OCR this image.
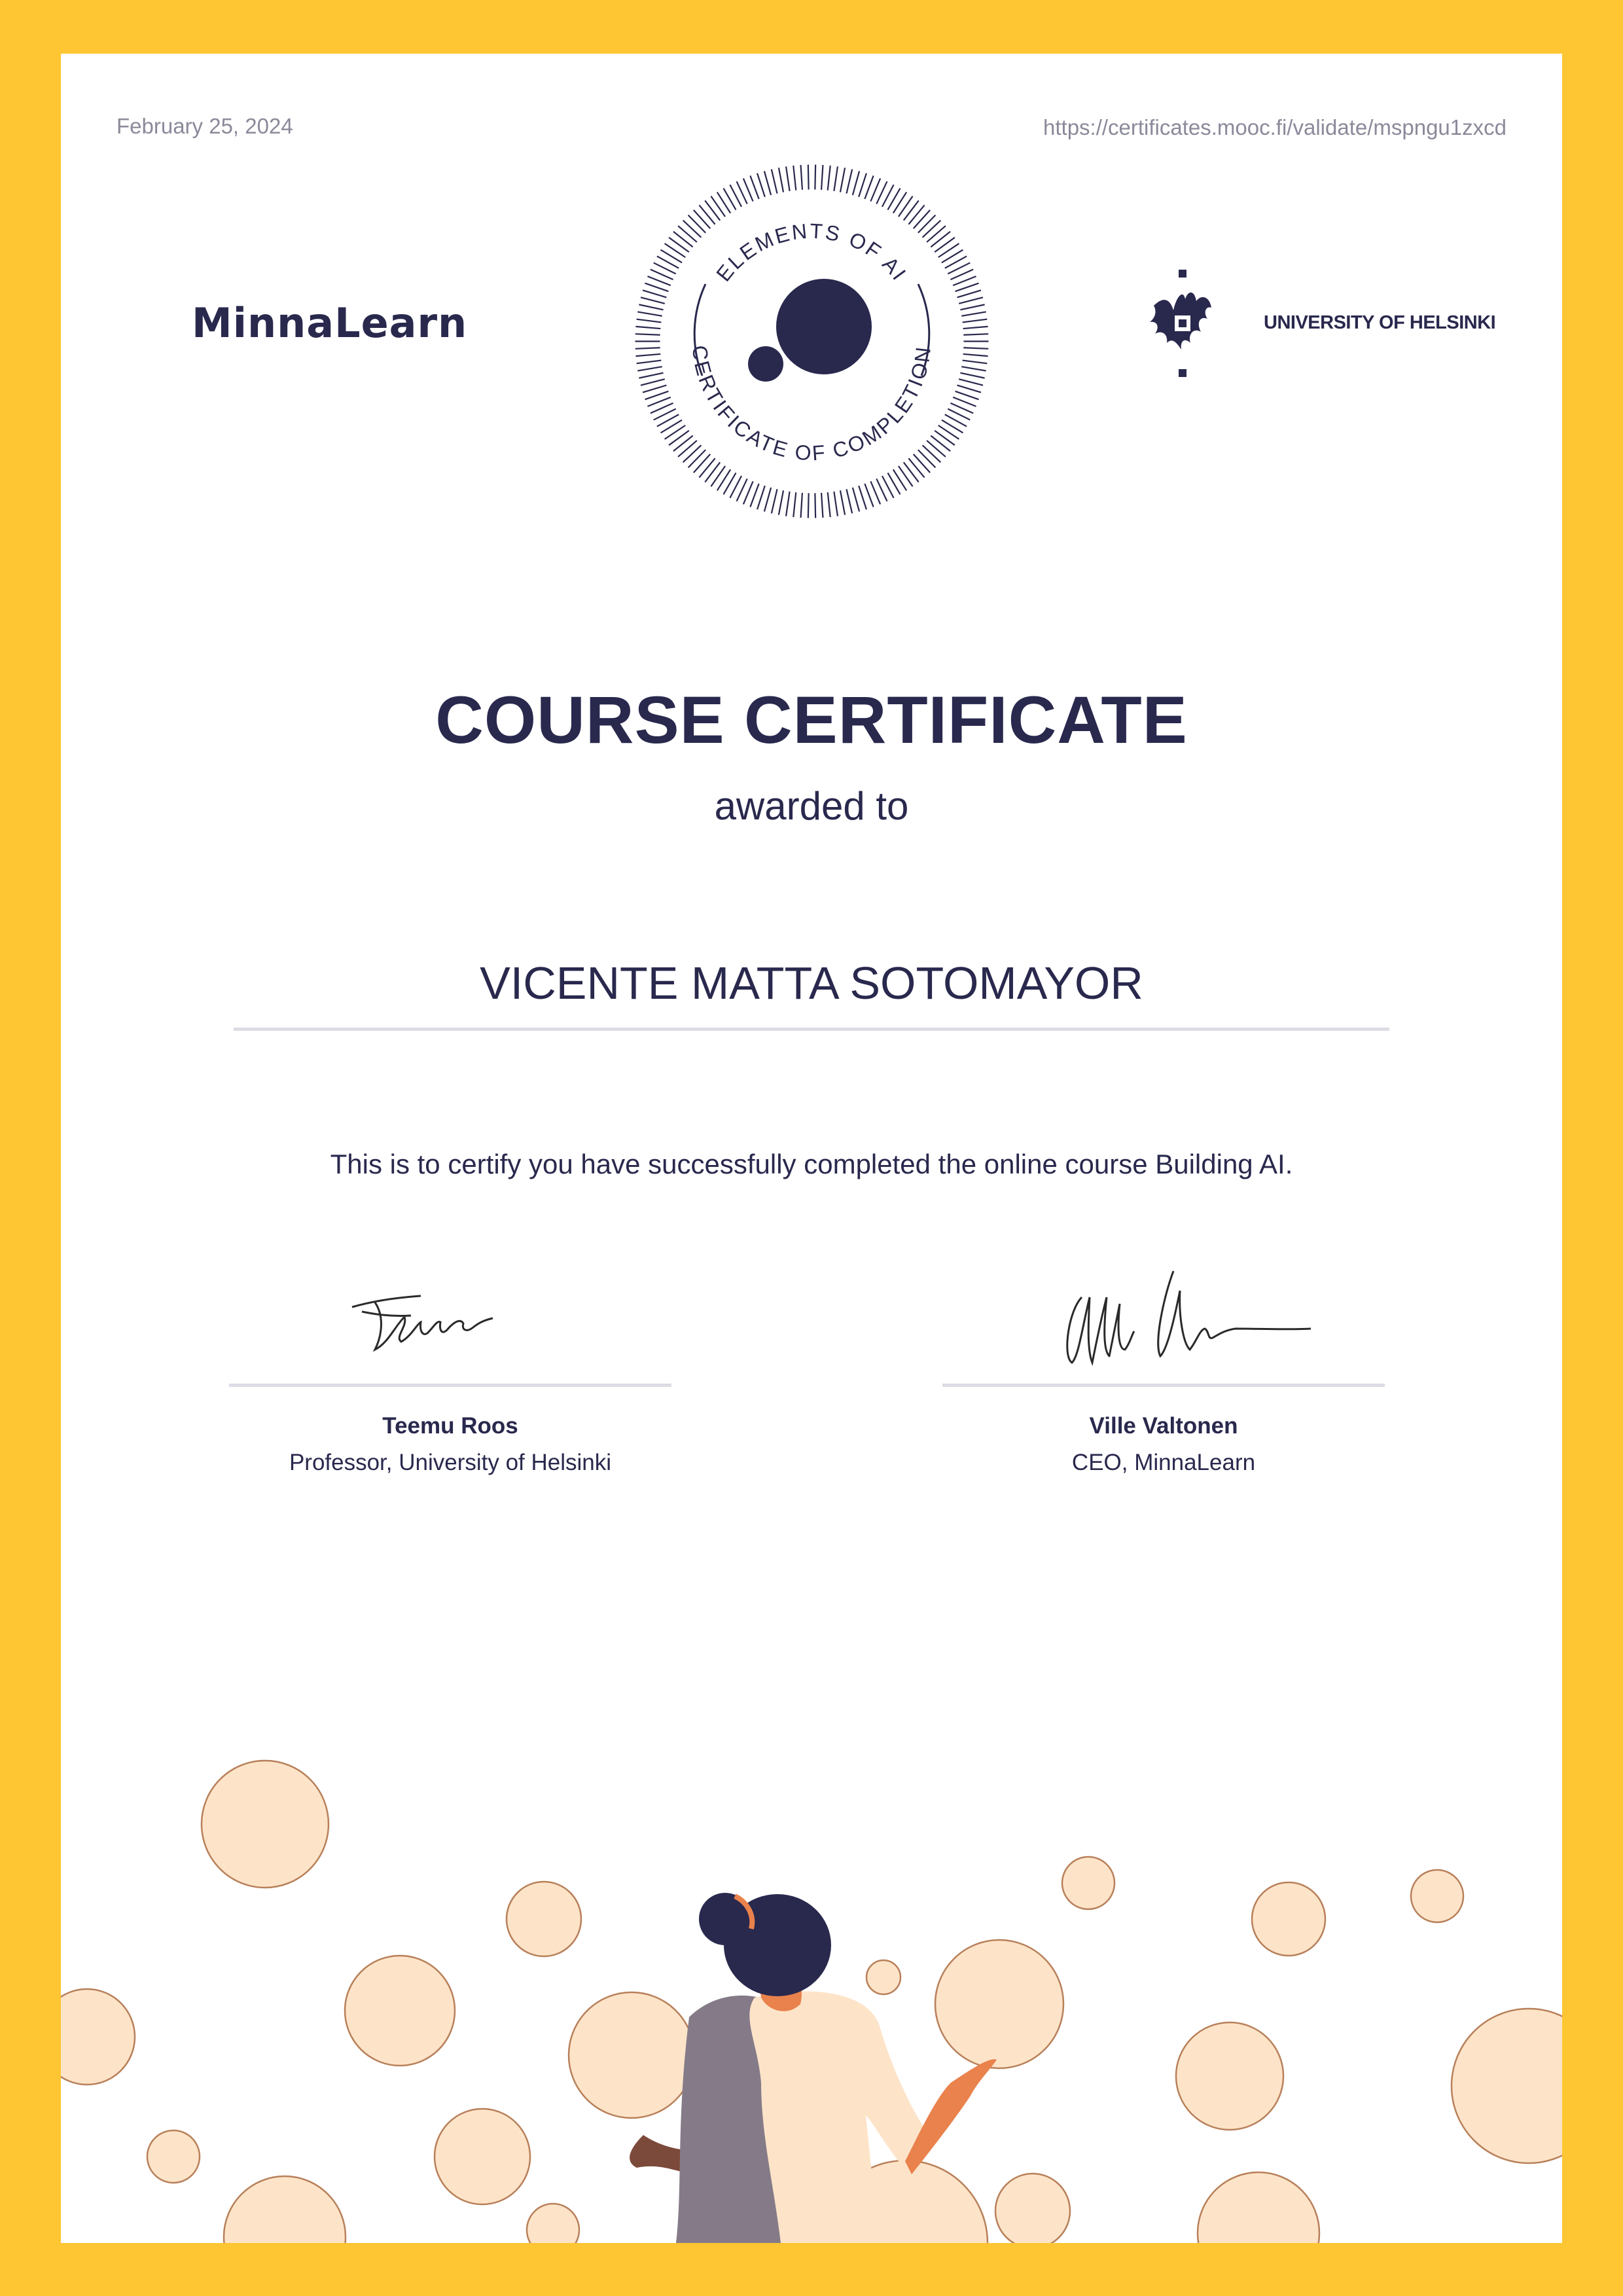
February 25, 2024	https://certificates.mooc.fi/validate/mspngu1zxcd
MinnaLearn
ELEMENTS OF AI
CERTIFICATE OF COMPLETION
UNIVERSITY OF HELSINKI
COURSE CERTIFICATE
awarded to
VICENTE MATTA SOTOMAYOR
This is to certify you have successfully completed the online course Building AI.
Teemu Roos
Professor, University of Helsinki
Ville Valtonen
CEO, MinnaLearn
